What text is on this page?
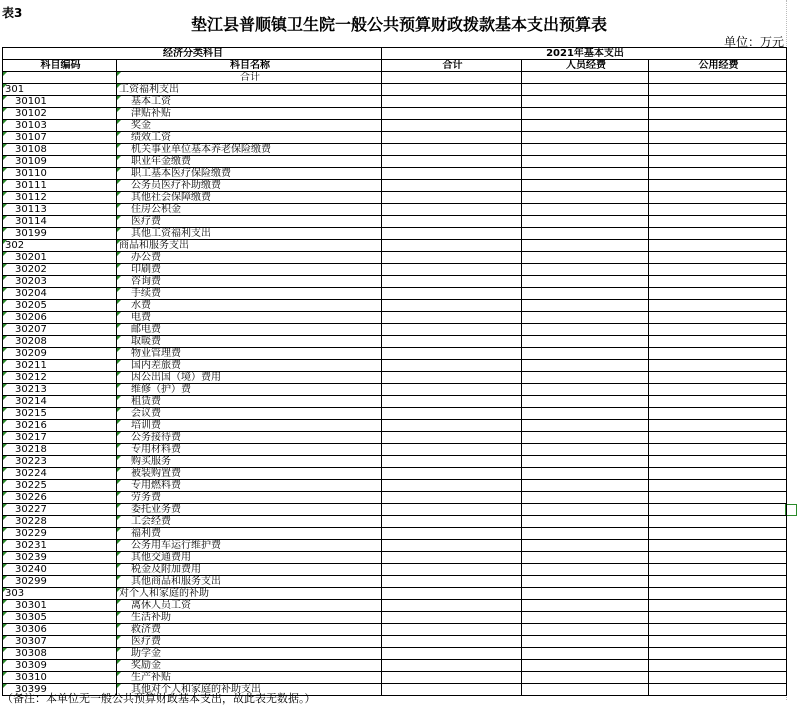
表3
垫江县普顺镇卫生院一般公共预算财政拨款基本支出预算表
单位：万元
经济分类科目		2021年基本支出		
科目编码	科目名称	合计	人员经费	公用经费
	合计			
301	工资福利支出			
30101	基本工资			
30102	津贴补贴			
30103	奖金			
30107	绩效工资			
30108	机关事业单位基本养老保险缴费			
30109	职业年金缴费			
30110	职工基本医疗保险缴费			
30111	公务员医疗补助缴费			
30112	其他社会保障缴费			
30113	住房公积金			
30114	医疗费			
30199	其他工资福利支出			
302	商品和服务支出			
30201	办公费			
30202	印刷费			
30203	咨询费			
30204	手续费			
30205	水费			
30206	电费			
30207	邮电费			
30208	取暖费			
30209	物业管理费			
30211	国内差旅费			
30212	因公出国（境）费用			
30213	维修（护）费			
30214	租赁费			
30215	会议费			
30216	培训费			
30217	公务接待费			
30218	专用材料费			
30223	购买服务			
30224	被装购置费			
30225	专用燃料费			
30226	劳务费			
30227	委托业务费			
30228	工会经费			
30229	福利费			
30231	公务用车运行维护费			
30239	其他交通费用			
30240	税金及附加费用			
30299	其他商品和服务支出			
303	对个人和家庭的补助			
30301	离休人员工资			
30305	生活补助			
30306	救济费			
30307	医疗费			
30308	助学金			
30309	奖励金			
30310	生产补贴			
30399	其他对个人和家庭的补助支出			
（备注：本单位无一般公共预算财政基本支出，故此表无数据。）
